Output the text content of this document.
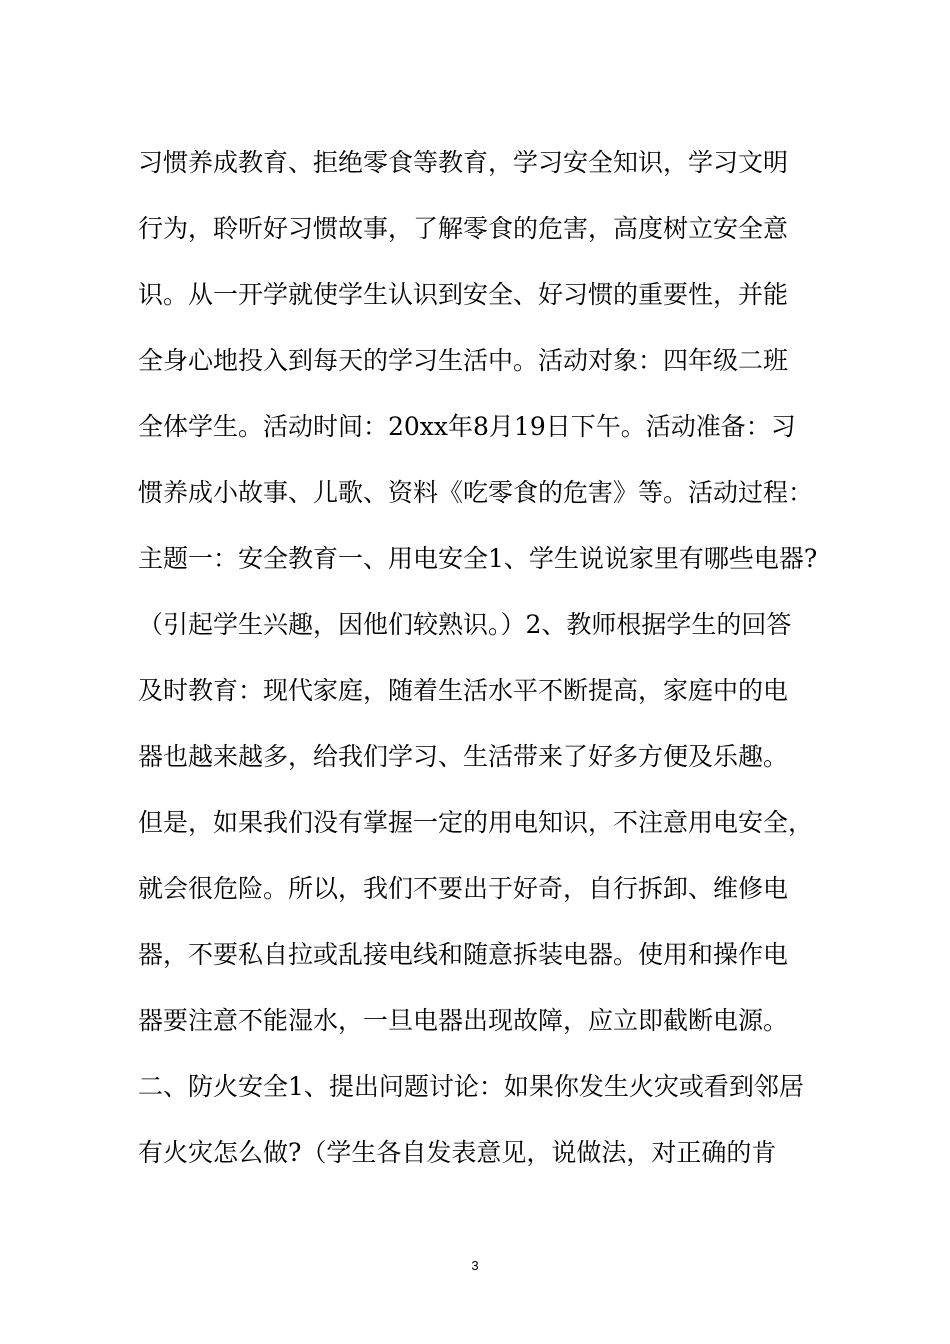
习惯养成教育、拒绝零食等教育，学习安全知识，学习文明
行为，聆听好习惯故事，了解零食的危害，高度树立安全意
识。从一开学就使学生认识到安全、好习惯的重要性，并能
全身心地投入到每天的学习生活中。活动对象：四年级二班
全体学生。活动时间：20xx年8月19日下午。活动准备：习
惯养成小故事、儿歌、资料《吃零食的危害》等。活动过程：
主题一：安全教育一、用电安全1、学生说说家里有哪些电器?
（引起学生兴趣，因他们较熟识。）2、教师根据学生的回答
及时教育：现代家庭，随着生活水平不断提高，家庭中的电
器也越来越多，给我们学习、生活带来了好多方便及乐趣。
但是，如果我们没有掌握一定的用电知识，不注意用电安全，
就会很危险。所以，我们不要出于好奇，自行拆卸、维修电
器，不要私自拉或乱接电线和随意拆装电器。使用和操作电
器要注意不能湿水，一旦电器出现故障，应立即截断电源。
二、防火安全1、提出问题讨论：如果你发生火灾或看到邻居
有火灾怎么做?（学生各自发表意见，说做法，对正确的肯
3
